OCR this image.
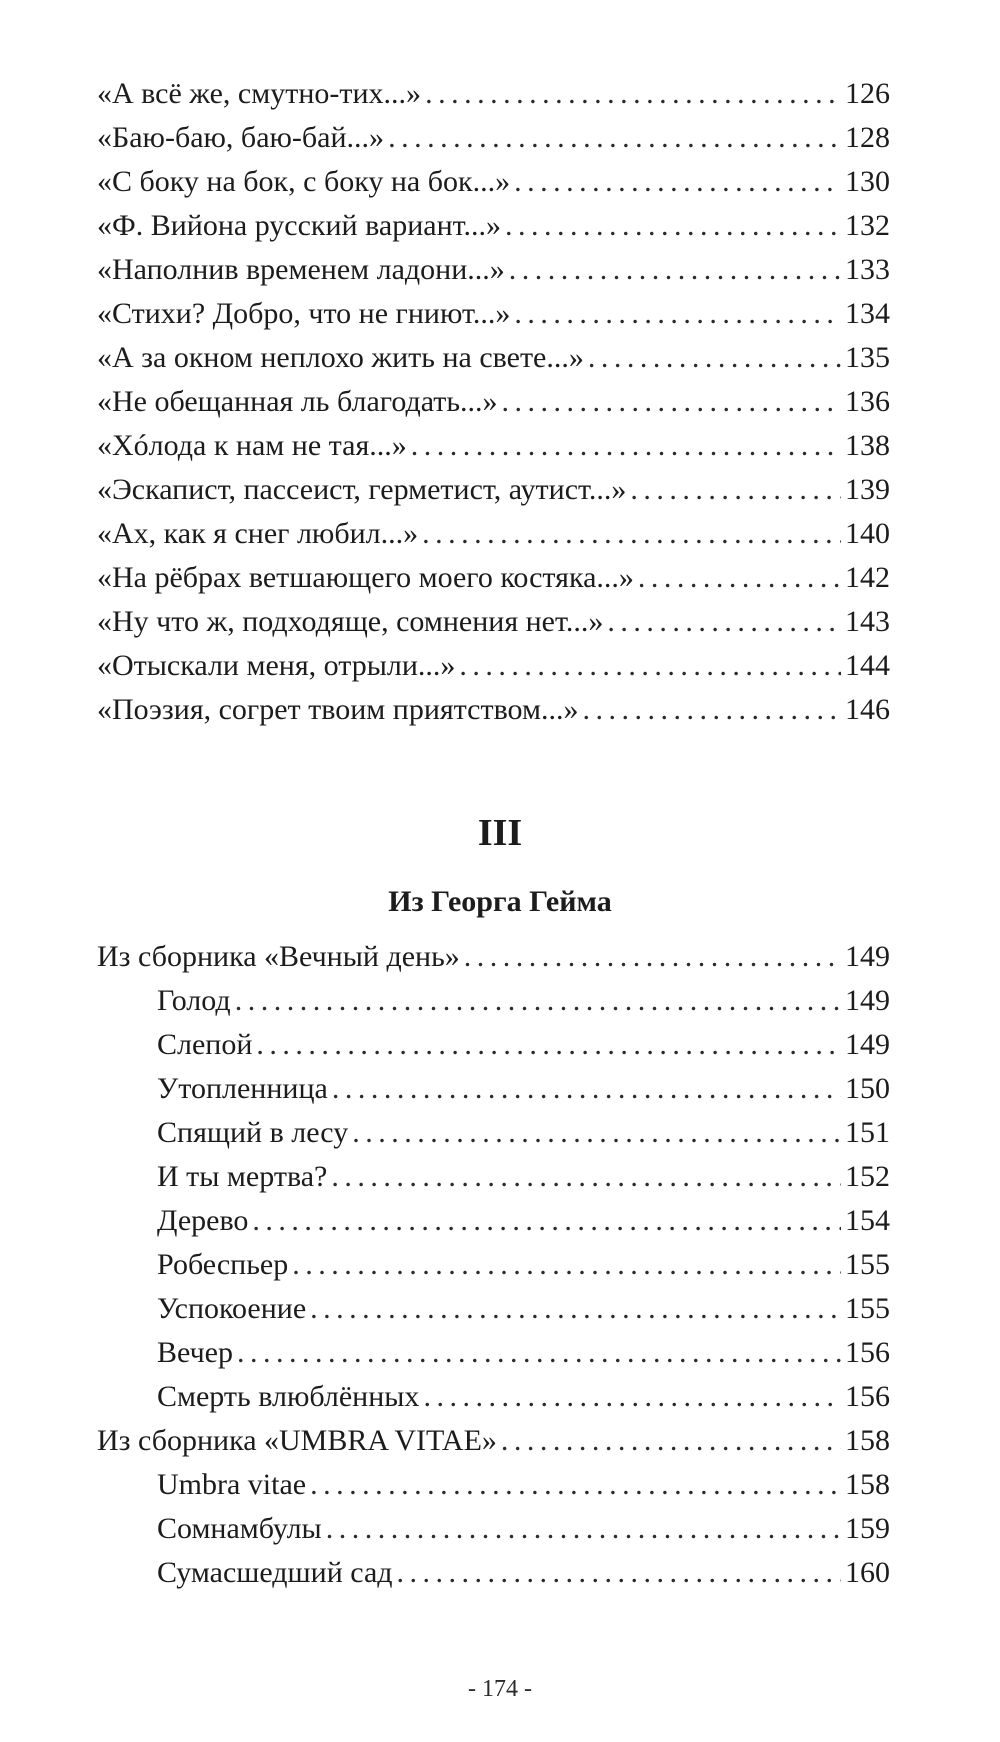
«А всё же, смутно-тих...» . . .	126
«Баю-баю, баю-бай...» . . .	128
«С боку на бок, с боку на бок...» . . .	130
«Ф. Вийона русский вариант...» . . .	132
«Наполнив временем ладони...» . . .	133
«Стихи? Добро, что не гниют...» . . .	134
«А за окном неплохо жить на свете...» . . .	135
«Не обещанная ль благодать...» . . .	136
«Хóлода к нам не тая...» . . .	138
«Эскапист, пассеист, герметист, аутист...» . . .	139
«Ах, как я снег любил...» . . .	140
«На рёбрах ветшающего моего костяка...» . . .	142
«Ну что ж, подходяще, сомнения нет...» . . .	143
«Отыскали меня, отрыли...» . . .	144
«Поэзия, согрет твоим приятством...» . . .	146
III
Из Георга Гейма
Из сборника «Вечный день» . . .	149
Голод . . .	149
Слепой . . .	149
Утопленница . . .	150
Спящий в лесу . . .	151
И ты мертва? . . .	152
Дерево . . .	154
Робеспьер . . .	155
Успокоение . . .	155
Вечер . . .	156
Смерть влюблённых . . .	156
Из сборника «UMBRA VITAE» . . .	158
Umbra vitae . . .	158
Сомнамбулы . . .	159
Сумасшедший сад . . .	160
- 174 -
